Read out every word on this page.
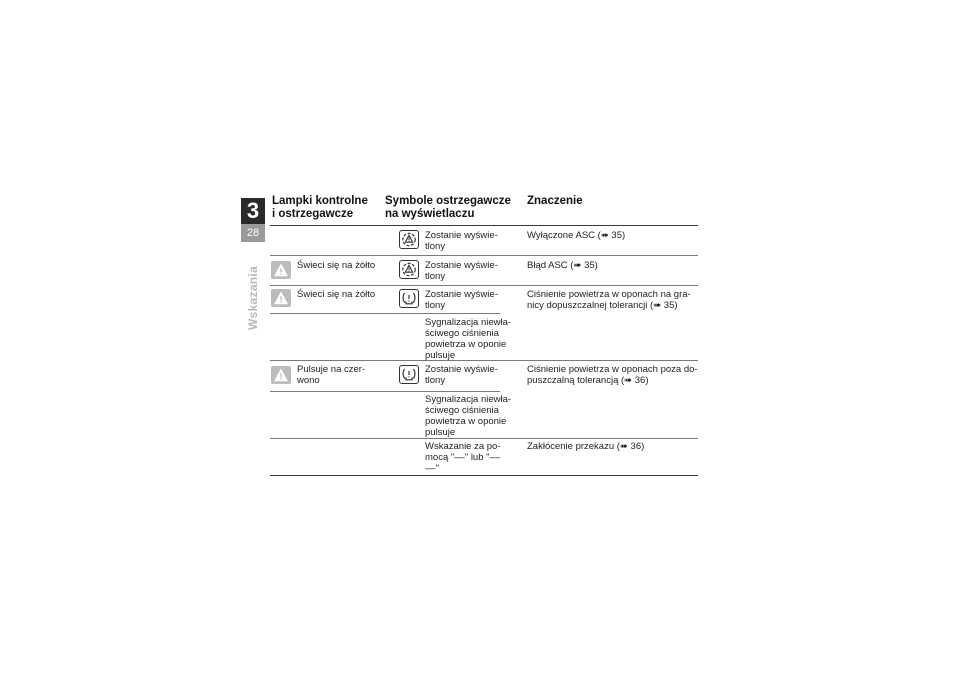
3
28
Wskazania
Lampki kontrolne
i ostrzegawcze
Symbole ostrzegawcze
na wyświetlaczu
Znaczenie
Zostanie wyświe-
tlony
Wyłączone ASC (➠ 35)
Świeci się na żółto	Zostanie wyświe-
tlony
Błąd ASC (➠ 35)
Świeci się na żółto	Zostanie wyświe-
tlony
Ciśnienie powietrza w oponach na gra-
nicy dopuszczalnej tolerancji (➠ 35)
Sygnalizacja niewła-
ściwego ciśnienia
powietrza w oponie
pulsuje
Pulsuje na czer-
wono
Zostanie wyświe-
tlony
Ciśnienie powietrza w oponach poza do-
puszczalną tolerancją (➠ 36)
Sygnalizacja niewła-
ściwego ciśnienia
powietrza w oponie
pulsuje
Wskazanie za po-
mocą "––" lub "––
––"
Zakłócenie przekazu (➠ 36)
